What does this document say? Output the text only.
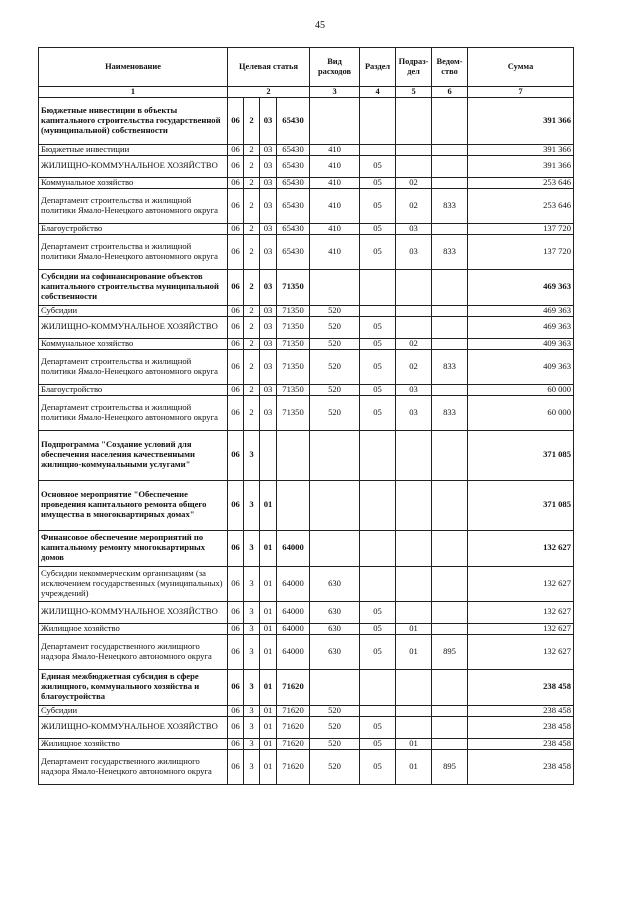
45
Наименование	Целевая статья				Вид расходов	Раздел	Подраз-дел	Ведом-ство	Сумма
1	2				3	4	5	6	7
Бюджетные инвестиции в объекты капитального строительства государственной (муниципальной) собственности	06	2	03	65430					391 366
Бюджетные инвестиции	06	2	03	65430	410				391 366
ЖИЛИЩНО-КОММУНАЛЬНОЕ ХОЗЯЙСТВО	06	2	03	65430	410	05			391 366
Коммунальное хозяйство	06	2	03	65430	410	05	02		253 646
Департамент строительства и жилищной политики Ямало-Ненецкого автономного округа	06	2	03	65430	410	05	02	833	253 646
Благоустройство	06	2	03	65430	410	05	03		137 720
Департамент строительства и жилищной политики Ямало-Ненецкого автономного округа	06	2	03	65430	410	05	03	833	137 720
Субсидии на софинансирование объектов капитального строительства муниципальной собственности	06	2	03	71350					469 363
Субсидии	06	2	03	71350	520				469 363
ЖИЛИЩНО-КОММУНАЛЬНОЕ ХОЗЯЙСТВО	06	2	03	71350	520	05			469 363
Коммунальное хозяйство	06	2	03	71350	520	05	02		409 363
Департамент строительства и жилищной политики Ямало-Ненецкого автономного округа	06	2	03	71350	520	05	02	833	409 363
Благоустройство	06	2	03	71350	520	05	03		60 000
Департамент строительства и жилищной политики Ямало-Ненецкого автономного округа	06	2	03	71350	520	05	03	833	60 000
Подпрограмма "Создание условий для обеспечения населения качественными жилищно-коммунальными услугами"	06	3							371 085
Основное мероприятие "Обеспечение проведения капитального ремонта общего имущества в многоквартирных домах"	06	3	01						371 085
Финансовое обеспечение мероприятий по капитальному ремонту многоквартирных домов	06	3	01	64000					132 627
Субсидии некоммерческим организациям (за исключением государственных (муниципальных) учреждений)	06	3	01	64000	630				132 627
ЖИЛИЩНО-КОММУНАЛЬНОЕ ХОЗЯЙСТВО	06	3	01	64000	630	05			132 627
Жилищное хозяйство	06	3	01	64000	630	05	01		132 627
Департамент государственного жилищного надзора Ямало-Ненецкого автономного округа	06	3	01	64000	630	05	01	895	132 627
Единая межбюджетная субсидия в сфере жилищного, коммунального хозяйства и благоустройства	06	3	01	71620					238 458
Субсидии	06	3	01	71620	520				238 458
ЖИЛИЩНО-КОММУНАЛЬНОЕ ХОЗЯЙСТВО	06	3	01	71620	520	05			238 458
Жилищное хозяйство	06	3	01	71620	520	05	01		238 458
Департамент государственного жилищного надзора Ямало-Ненецкого автономного округа	06	3	01	71620	520	05	01	895	238 458
